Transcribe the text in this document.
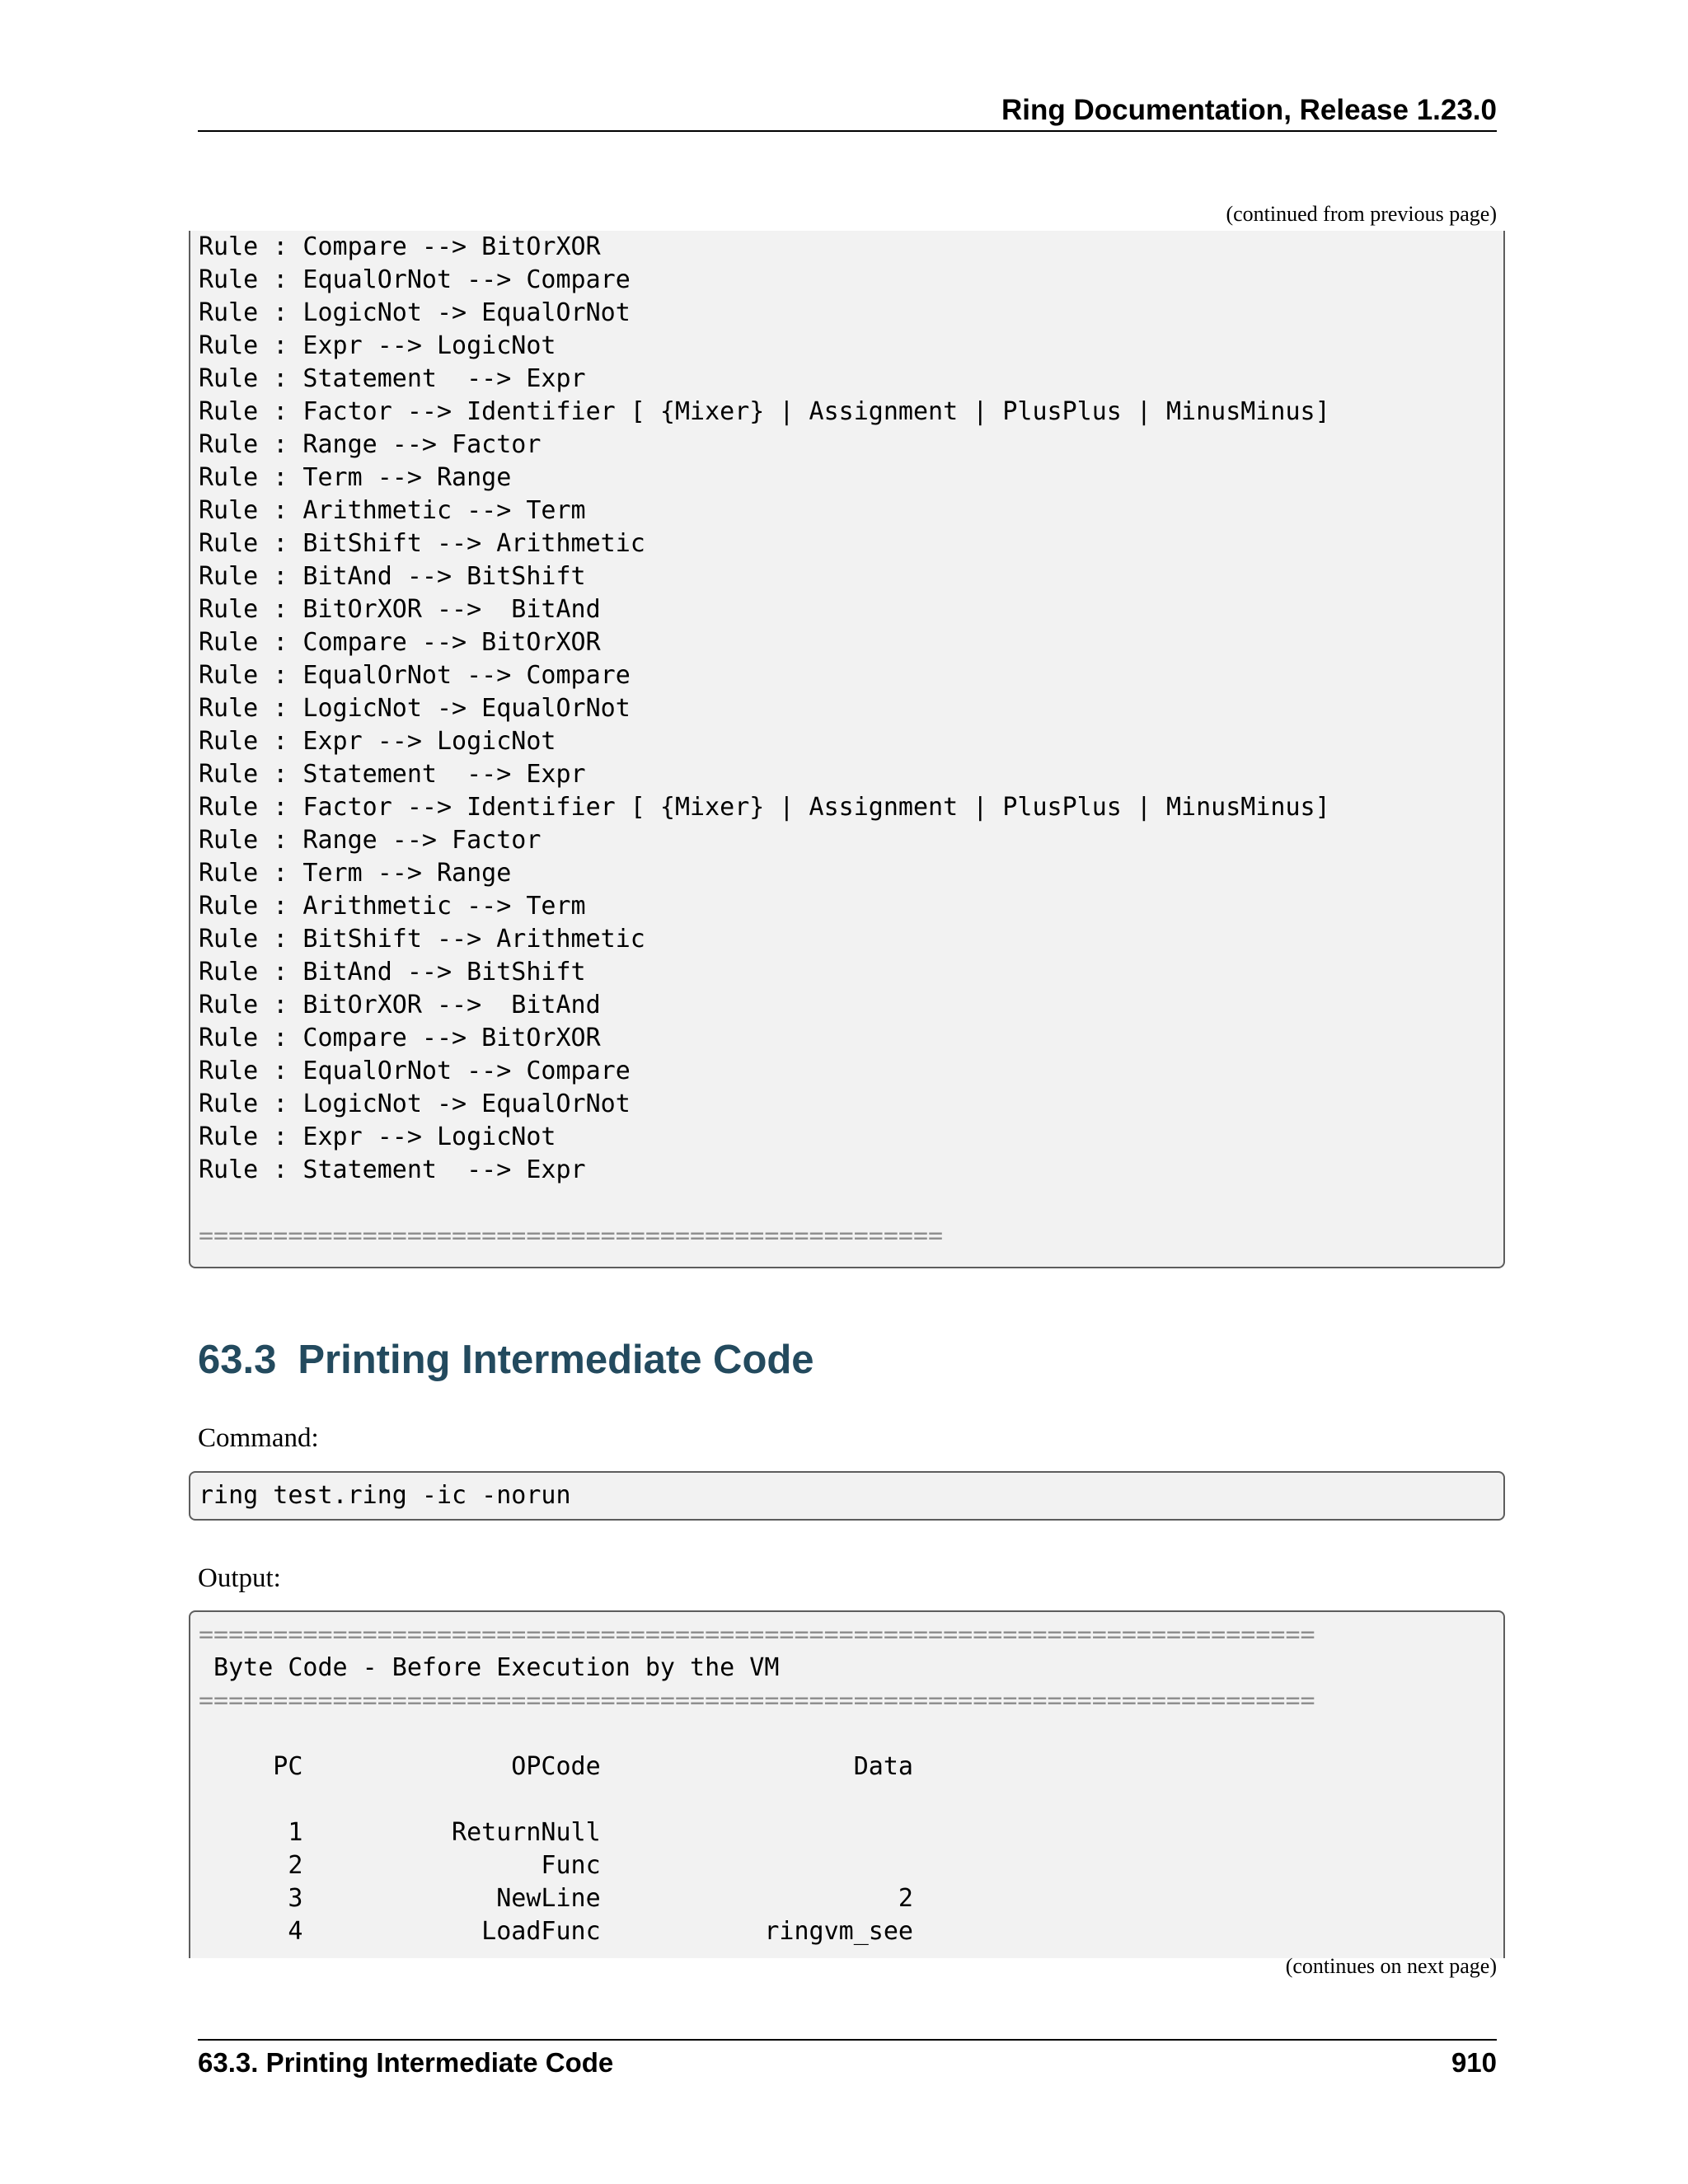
Ring Documentation, Release 1.23.0
(continued from previous page)
Rule : Compare --> BitOrXOR
Rule : EqualOrNot --> Compare
Rule : LogicNot -> EqualOrNot
Rule : Expr --> LogicNot
Rule : Statement  --> Expr
Rule : Factor --> Identifier [ {Mixer} | Assignment | PlusPlus | MinusMinus]
Rule : Range --> Factor
Rule : Term --> Range
Rule : Arithmetic --> Term
Rule : BitShift --> Arithmetic
Rule : BitAnd --> BitShift
Rule : BitOrXOR -->  BitAnd
Rule : Compare --> BitOrXOR
Rule : EqualOrNot --> Compare
Rule : LogicNot -> EqualOrNot
Rule : Expr --> LogicNot
Rule : Statement  --> Expr
Rule : Factor --> Identifier [ {Mixer} | Assignment | PlusPlus | MinusMinus]
Rule : Range --> Factor
Rule : Term --> Range
Rule : Arithmetic --> Term
Rule : BitShift --> Arithmetic
Rule : BitAnd --> BitShift
Rule : BitOrXOR -->  BitAnd
Rule : Compare --> BitOrXOR
Rule : EqualOrNot --> Compare
Rule : LogicNot -> EqualOrNot
Rule : Expr --> LogicNot
Rule : Statement  --> Expr
==================================================
63.3 Printing Intermediate Code
Command:
ring test.ring -ic -norun
Output:
===========================================================================
Byte Code - Before Execution by the VM
===========================================================================
PC              OPCode                 Data
1          ReturnNull
2                Func
3             NewLine                    2
4            LoadFunc           ringvm_see
(continues on next page)
63.3. Printing Intermediate Code	910
